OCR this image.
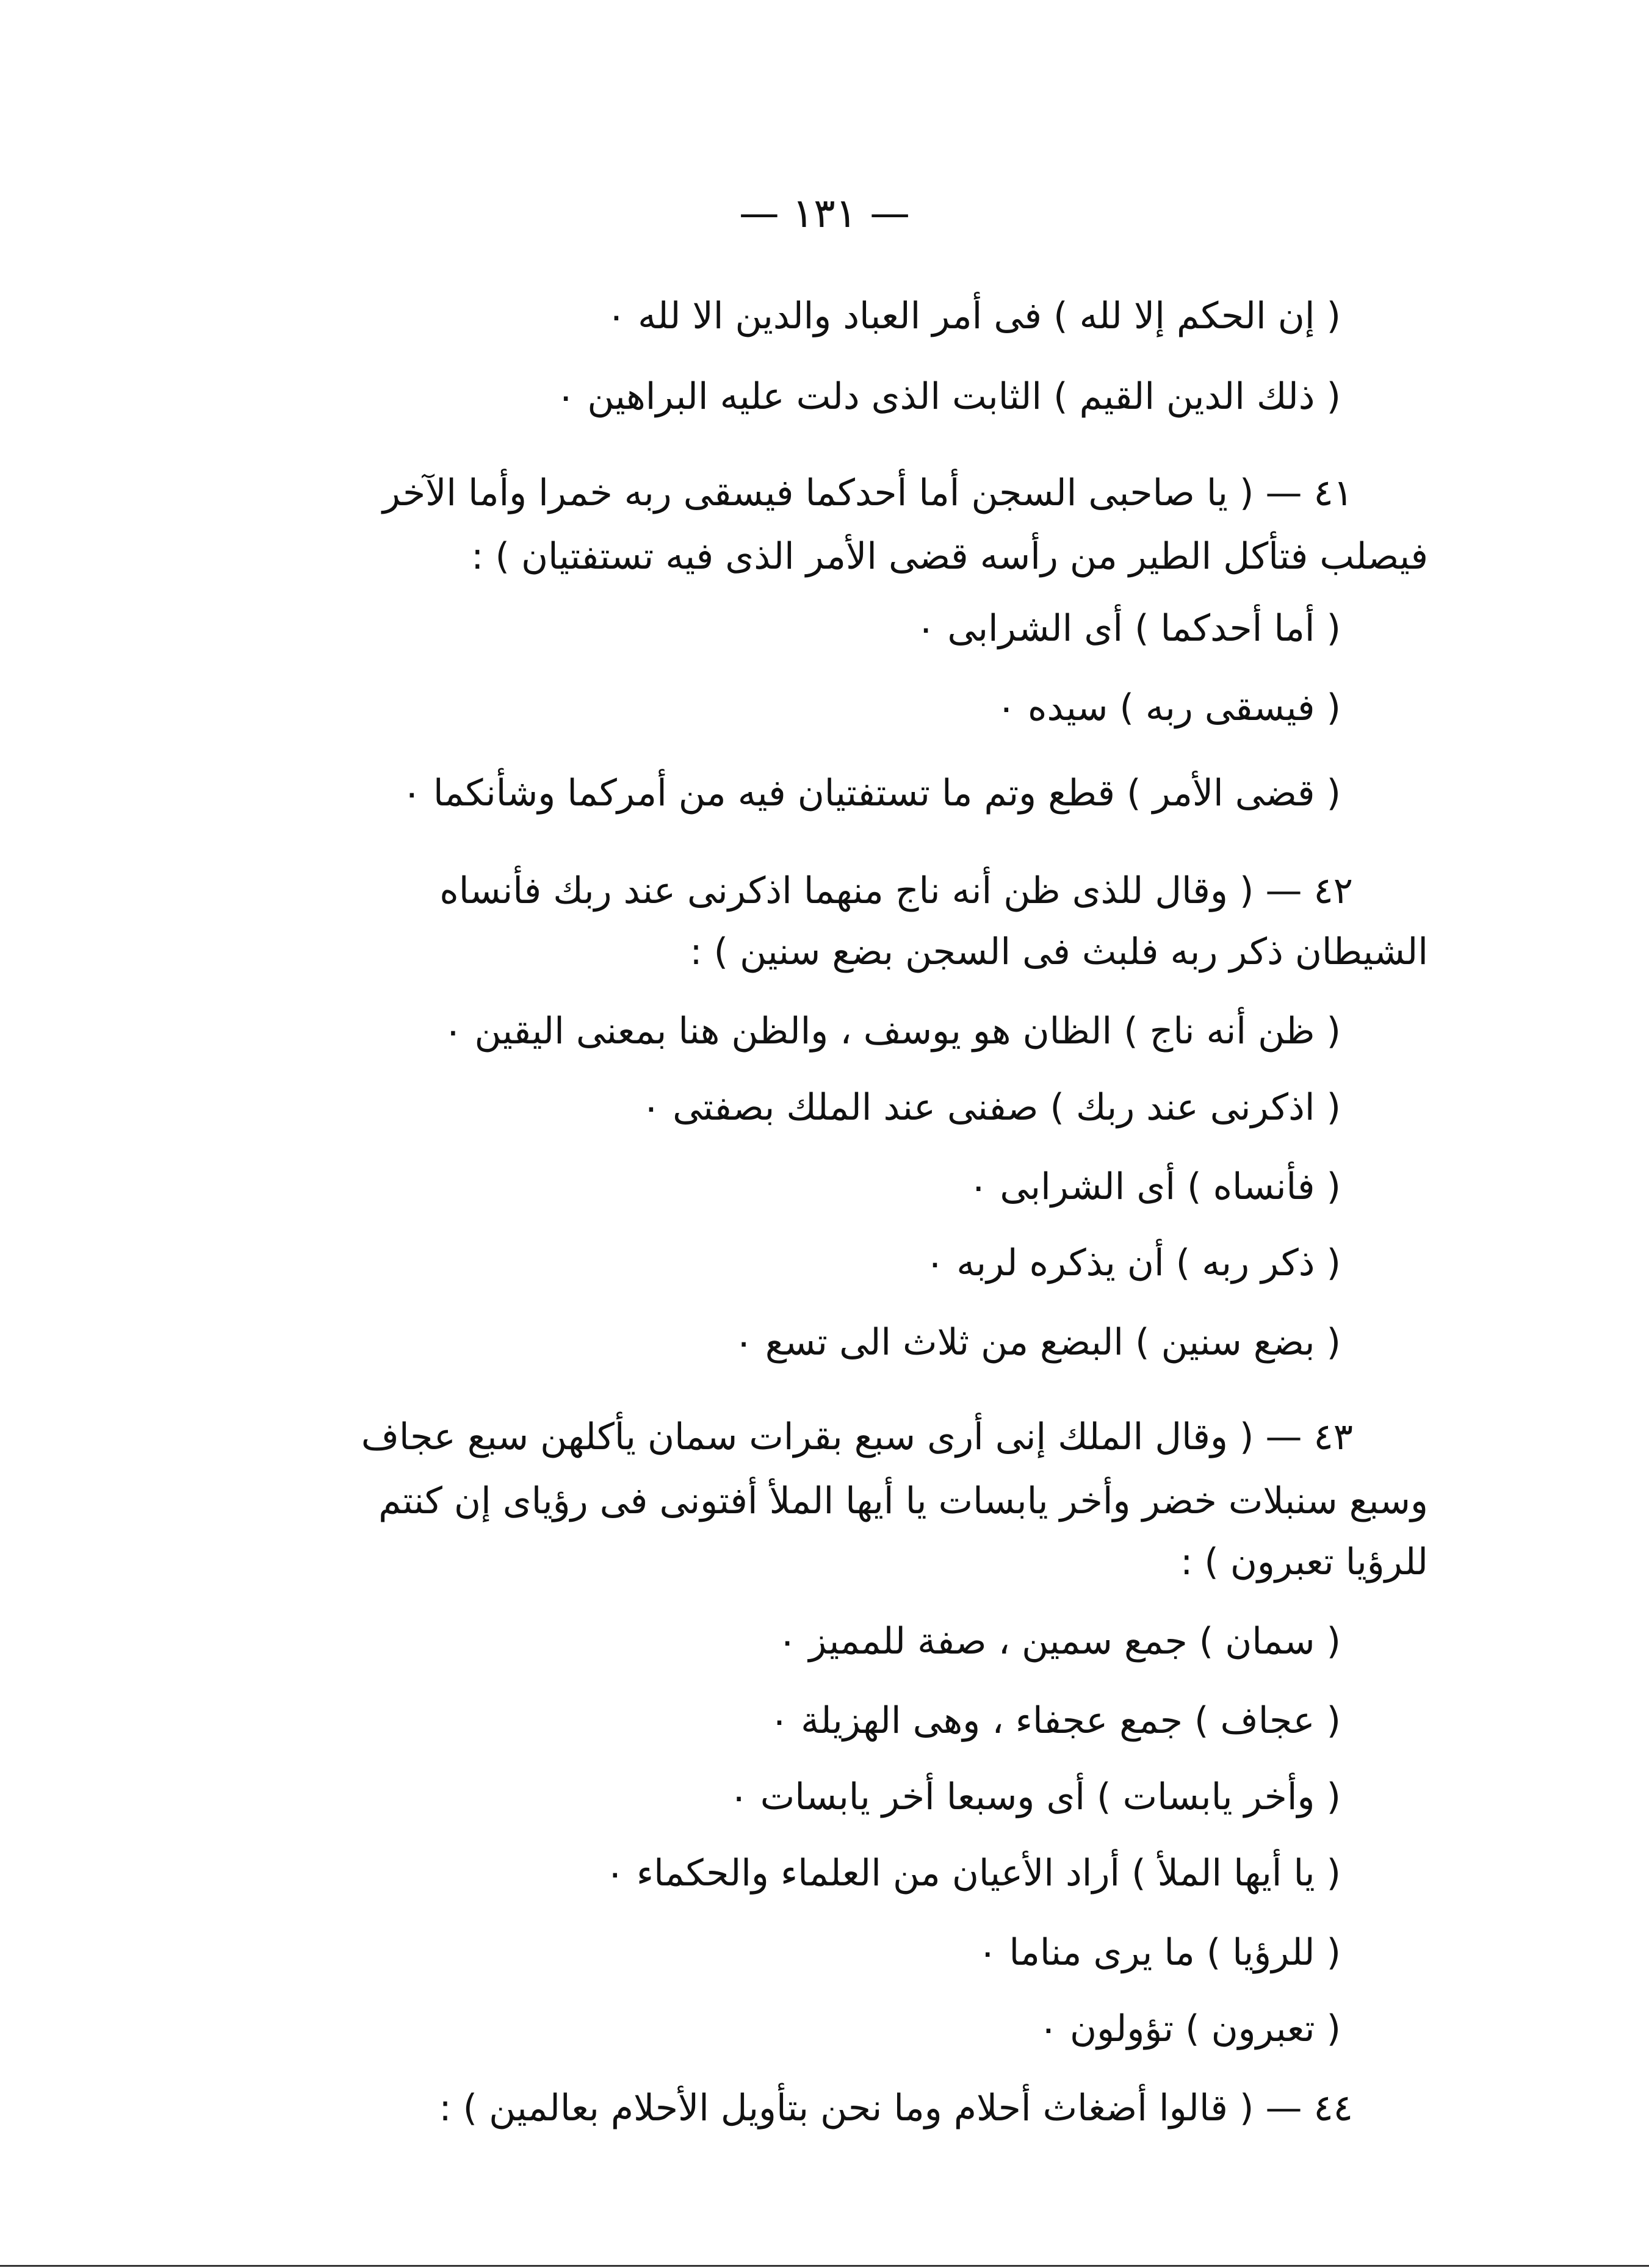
— ١٣١ —
( إن الحكم إلا لله ) فى أمر العباد والدين الا لله ٠
( ذلك الدين القيم ) الثابت الذى دلت عليه البراهين ٠
٤١ — ( يا صاحبى السجن أما أحدكما فيسقى ربه خمرا وأما الآخر
فيصلب فتأكل الطير من رأسه قضى الأمر الذى فيه تستفتيان ) :
( أما أحدكما ) أى الشرابى ٠
( فيسقى ربه ) سيده ٠
( قضى الأمر ) قطع وتم ما تستفتيان فيه من أمركما وشأنكما ٠
٤٢ — ( وقال للذى ظن أنه ناج منهما اذكرنى عند ربك فأنساه
الشيطان ذكر ربه فلبث فى السجن بضع سنين ) :
( ظن أنه ناج ) الظان هو يوسف ، والظن هنا بمعنى اليقين ٠
( اذكرنى عند ربك ) صفنى عند الملك بصفتى ٠
( فأنساه ) أى الشرابى ٠
( ذكر ربه ) أن يذكره لربه ٠
( بضع سنين ) البضع من ثلاث الى تسع ٠
٤٣ — ( وقال الملك إنى أرى سبع بقرات سمان يأكلهن سبع عجاف
وسبع سنبلات خضر وأخر يابسات يا أيها الملأ أفتونى فى رؤياى إن كنتم
للرؤيا تعبرون ) :
( سمان ) جمع سمين ، صفة للمميز ٠
( عجاف ) جمع عجفاء ، وهى الهزيلة ٠
( وأخر يابسات ) أى وسبعا أخر يابسات ٠
( يا أيها الملأ ) أراد الأعيان من العلماء والحكماء ٠
( للرؤيا ) ما يرى مناما ٠
( تعبرون ) تؤولون ٠
٤٤ — ( قالوا أضغاث أحلام وما نحن بتأويل الأحلام بعالمين ) :
